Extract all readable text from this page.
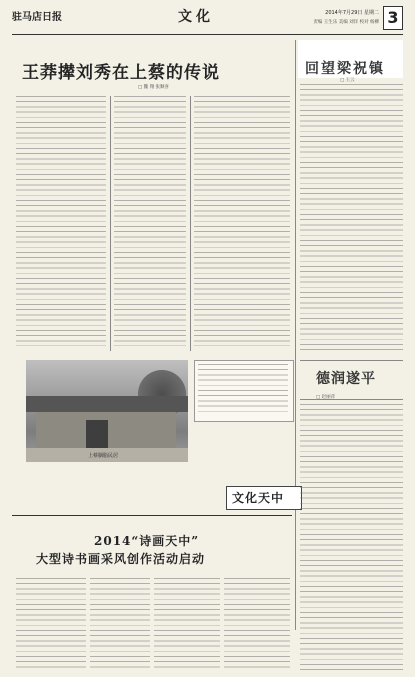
驻马店日报	文化	2014年7月29日 星期二
责编 王生乐 美编 刘洋 校对 杨柳 3
王莽撵刘秀在上蔡的传说
□ 魏 翔 张顺喜
回望梁祝镇
□ 王云
上蔡胭脂民居
文化天中
2014“诗画天中”
大型诗书画采风创作活动启动
德润遂平
□ 赵丽萍
